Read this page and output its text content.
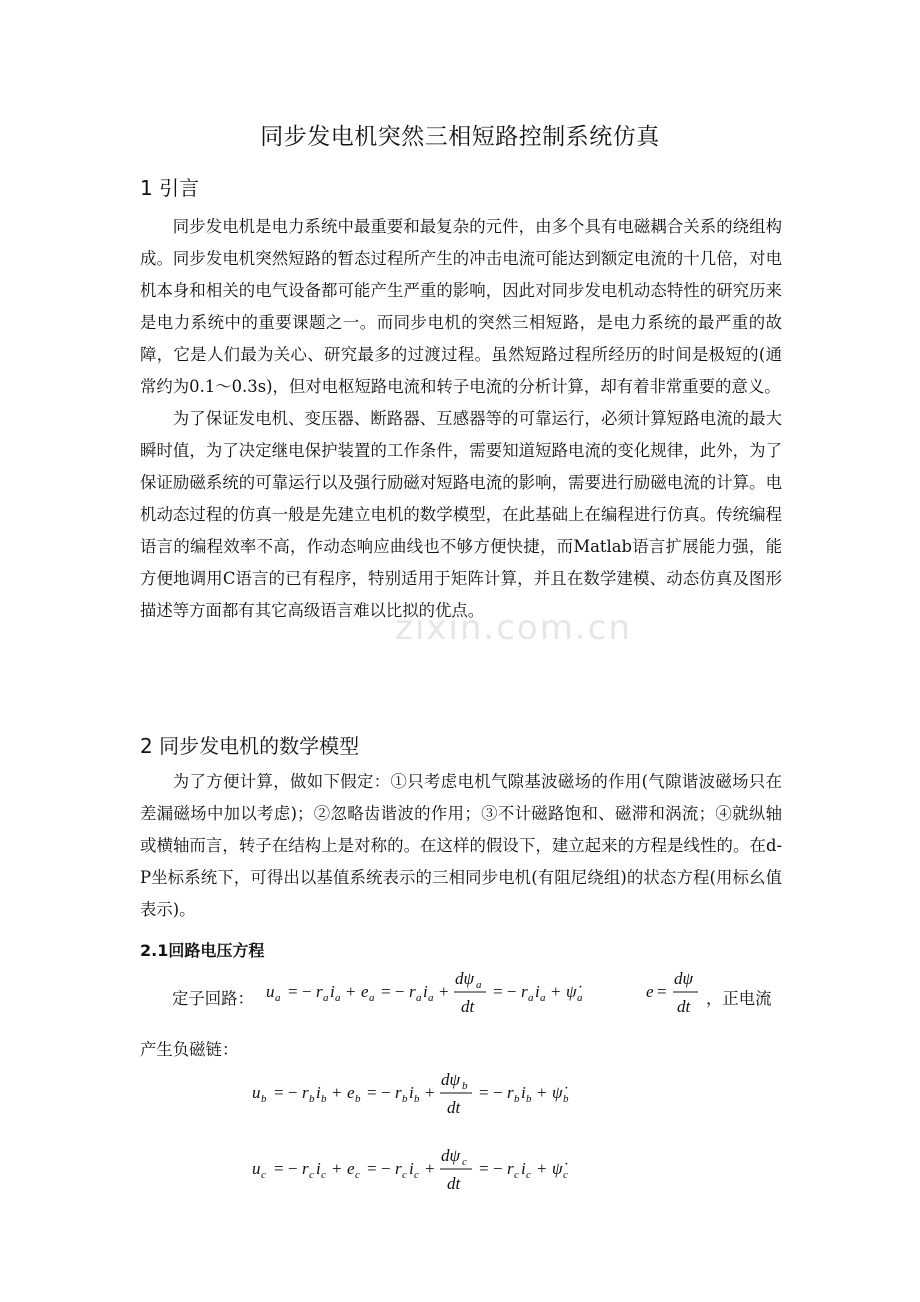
zixin.com.cn
同步发电机突然三相短路控制系统仿真
1 引言

同步发电机是电力系统中最重要和最复杂的元件，由多个具有电磁耦合关系的绕组构成。同步发电机突然短路的暂态过程所产生的冲击电流可能达到额定电流的十几倍，对电机本身和相关的电气设备都可能产生严重的影响，因此对同步发电机动态特性的研究历来是电力系统中的重要课题之一。而同步电机的突然三相短路，是电力系统的最严重的故障，它是人们最为关心、研究最多的过渡过程。虽然短路过程所经历的时间是极短的(通常约为0.1～0.3s)，但对电枢短路电流和转子电流的分析计算，却有着非常重要的意义。

为了保证发电机、变压器、断路器、互感器等的可靠运行，必须计算短路电流的最大瞬时值，为了决定继电保护装置的工作条件，需要知道短路电流的变化规律，此外，为了保证励磁系统的可靠运行以及强行励磁对短路电流的影响，需要进行励磁电流的计算。电机动态过程的仿真一般是先建立电机的数学模型，在此基础上在编程进行仿真。传统编程语言的编程效率不高，作动态响应曲线也不够方便快捷，而Matlab语言扩展能力强，能方便地调用C语言的已有程序，特别适用于矩阵计算，并且在数学建模、动态仿真及图形描述等方面都有其它高级语言难以比拟的优点。

2 同步发电机的数学模型

为了方便计算，做如下假定：①只考虑电机气隙基波磁场的作用(气隙谐波磁场只在差漏磁场中加以考虑)；②忽略齿谐波的作用；③不计磁路饱和、磁滞和涡流；④就纵轴或横轴而言，转子在结构上是对称的。在这样的假设下，建立起来的方程是线性的。在d-P坐标系统下，可得出以基值系统表示的三相同步电机(有阻尼绕组)的状态方程(用标幺值表示)。

2.1回路电压方程
定子回路： u a = − r a i a + e a = − r a i a +
dψ a
dt
= − r a i a + ψ̇ a	e =
dψ
dt ，正电流
产生负磁链：
u b = − r b i b + e b = − r b i b +
dψ b
dt
= − r b i b + ψ̇ b
u c = − r c i c + e c = − r c i c +
dψ c
dt
= − r c i c + ψ̇ c
